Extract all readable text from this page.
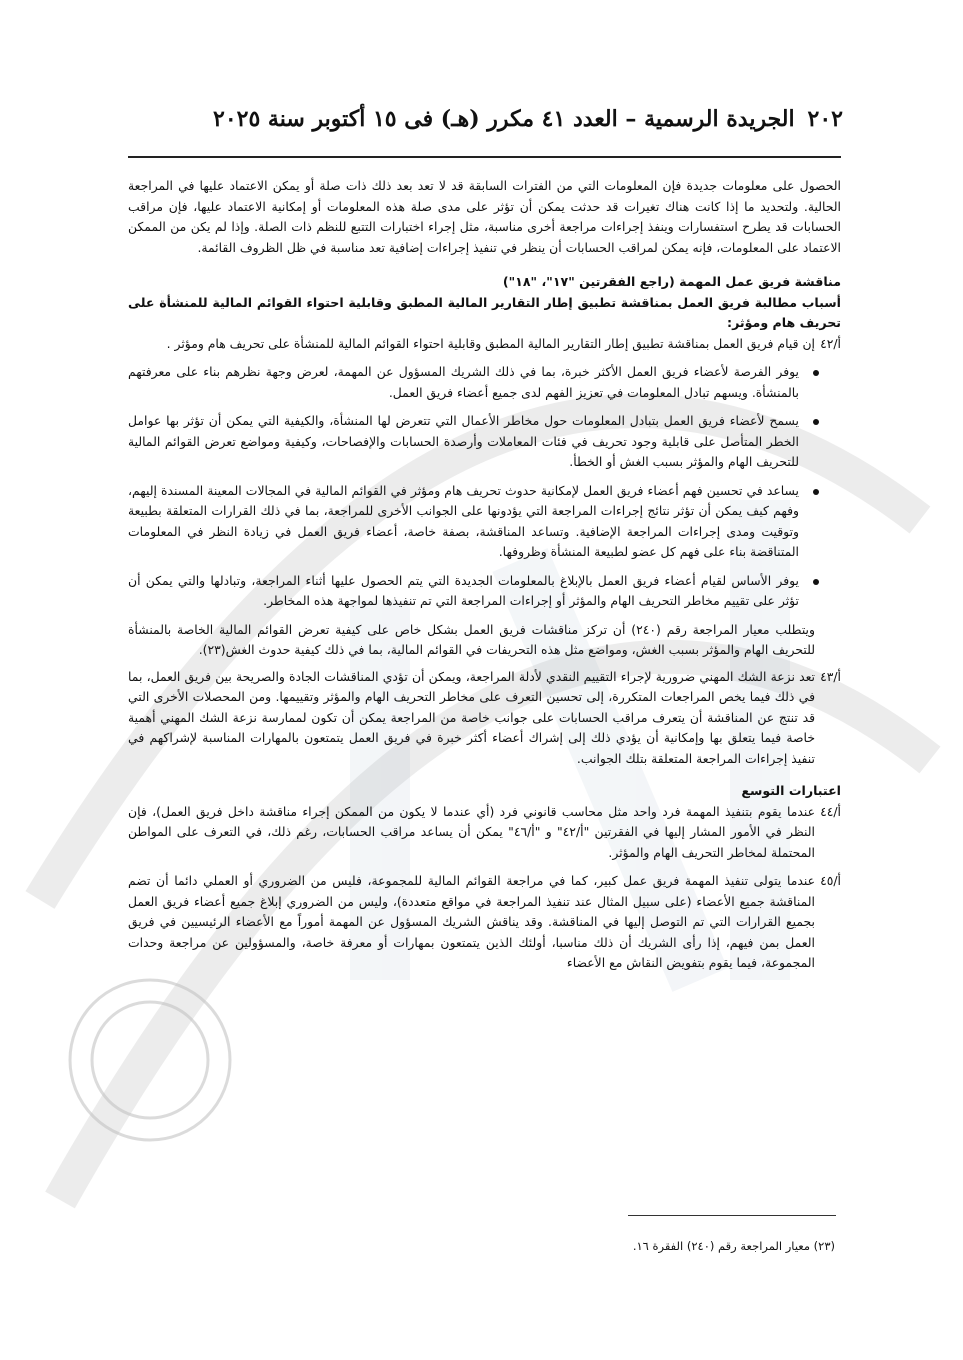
٢٠٢
الجريدة الرسمية – العدد ٤١ مكرر (هـ) فى ١٥ أكتوبر سنة ٢٠٢٥

الحصول على معلومات جديدة فإن المعلومات التي من الفترات السابقة قد لا تعد بعد ذلك ذات صلة أو يمكن الاعتماد عليها في المراجعة الحالية. ولتحديد ما إذا كانت هناك تغيرات قد حدثت يمكن أن تؤثر على مدى صلة هذه المعلومات أو إمكانية الاعتماد عليها، فإن مراقب الحسابات قد يطرح استفسارات وينفذ إجراءات مراجعة أخرى مناسبة، مثل إجراء اختبارات التتبع للنظم ذات الصلة. وإذا لم يكن من الممكن الاعتماد على المعلومات، فإنه يمكن لمراقب الحسابات أن ينظر في تنفيذ إجراءات إضافية تعد مناسبة في ظل الظروف القائمة.

مناقشة فريق عمل المهمة (راجع الفقرتين "١٧"، "١٨")

أسباب مطالبة فريق العمل بمناقشة تطبيق إطار التقارير المالية المطبق وقابلية احتواء القوائم المالية للمنشأة على تحريف هام ومؤثر:

أ/٤٢
إن قيام فريق العمل بمناقشة تطبيق إطار التقارير المالية المطبق وقابلية احتواء القوائم المالية للمنشأة على تحريف هام ومؤثر .

يوفر الفرصة لأعضاء فريق العمل الأكثر خبرة، بما في ذلك الشريك المسؤول عن المهمة، لعرض وجهة نظرهم بناء على معرفتهم بالمنشأة. ويسهم تبادل المعلومات في تعزيز الفهم لدى جميع أعضاء فريق العمل.
يسمح لأعضاء فريق العمل بتبادل المعلومات حول مخاطر الأعمال التي تتعرض لها المنشأة، والكيفية التي يمكن أن تؤثر بها عوامل الخطر المتأصل على قابلية وجود تحريف في فئات المعاملات وأرصدة الحسابات والإفصاحات، وكيفية ومواضع تعرض القوائم المالية للتحريف الهام والمؤثر بسبب الغش أو الخطأ.
يساعد في تحسين فهم أعضاء فريق العمل لإمكانية حدوث تحريف هام ومؤثر في القوائم المالية في المجالات المعينة المسندة إليهم، وفهم كيف يمكن أن تؤثر نتائج إجراءات المراجعة التي يؤدونها على الجوانب الأخرى للمراجعة، بما في ذلك القرارات المتعلقة بطبيعة وتوقيت ومدى إجراءات المراجعة الإضافية. وتساعد المناقشة، بصفة خاصة، أعضاء فريق العمل في زيادة النظر في المعلومات المتناقضة بناء على فهم كل عضو لطبيعة المنشأة وظروفها.
يوفر الأساس لقيام أعضاء فريق العمل بالإبلاغ بالمعلومات الجديدة التي يتم الحصول عليها أثناء المراجعة، وتبادلها والتي يمكن أن تؤثر على تقييم مخاطر التحريف الهام والمؤثر أو إجراءات المراجعة التي تم تنفيذها لمواجهة هذه المخاطر.

ويتطلب معيار المراجعة رقم (٢٤٠) أن تركز مناقشات فريق العمل بشكل خاص على كيفية تعرض القوائم المالية الخاصة بالمنشأة للتحريف الهام والمؤثر بسبب الغش، ومواضع مثل هذه التحريفات في القوائم المالية، بما في ذلك كيفية حدوث الغش(٢٣).

أ/٤٣
تعد نزعة الشك المهني ضرورية لإجراء التقييم النقدي لأدلة المراجعة، ويمكن أن تؤدي المناقشات الجادة والصريحة بين فريق العمل، بما في ذلك فيما يخص المراجعات المتكررة، إلى تحسين التعرف على مخاطر التحريف الهام والمؤثر وتقييمها. ومن المحصلات الأخرى التي قد تنتج عن المناقشة أن يتعرف مراقب الحسابات على جوانب خاصة من المراجعة يمكن أن تكون لممارسة نزعة الشك المهني أهمية خاصة فيما يتعلق بها وإمكانية أن يؤدي ذلك إلى إشراك أعضاء أكثر خبرة في فريق العمل يتمتعون بالمهارات المناسبة لإشراكهم في تنفيذ إجراءات المراجعة المتعلقة بتلك الجوانب.

اعتبارات التوسع

أ/٤٤
عندما يقوم بتنفيذ المهمة فرد واحد مثل محاسب قانوني فرد (أي عندما لا يكون من الممكن إجراء مناقشة داخل فريق العمل)، فإن النظر في الأمور المشار إليها في الفقرتين "أ/٤٢" و "أ/٤٦" يمكن أن يساعد مراقب الحسابات، رغم ذلك، في التعرف على المواطن المحتملة لمخاطر التحريف الهام والمؤثر.

أ/٤٥
عندما يتولى تنفيذ المهمة فريق عمل كبير، كما في مراجعة القوائم المالية للمجموعة، فليس من الضروري أو العملي دائما أن تضم المناقشة جميع الأعضاء (على سبيل المثال عند تنفيذ المراجعة في مواقع متعددة)، وليس من الضروري إبلاغ جميع أعضاء فريق العمل بجميع القرارات التي تم التوصل إليها في المناقشة. وقد يناقش الشريك المسؤول عن المهمة أموراً مع الأعضاء الرئيسيين في فريق العمل بمن فيهم، إذا رأى الشريك أن ذلك مناسبا، أولئك الذين يتمتعون بمهارات أو معرفة خاصة، والمسؤولين عن مراجعة وحدات المجموعة، فيما يقوم بتفويض النقاش مع الأعضاء

(٢٣) معيار المراجعة رقم (٢٤٠) الفقرة ١٦.
